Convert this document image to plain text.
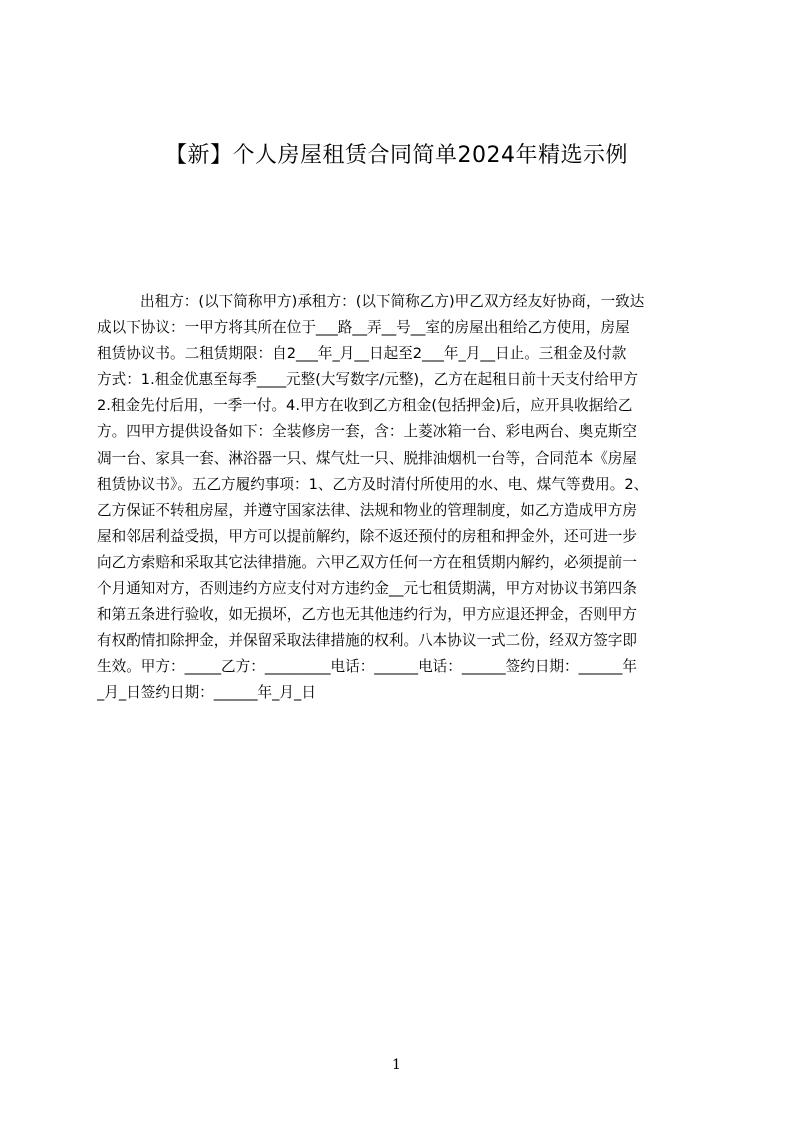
【新】个人房屋租赁合同简单2024年精选示例
出租方：(以下简称甲方)承租方：(以下简称乙方)甲乙双方经友好协商，一致达
成以下协议：一甲方将其所在位于___路__弄__号__室的房屋出租给乙方使用，房屋
租赁协议书。二租赁期限：自2___年_月__日起至2___年_月__日止。三租金及付款
方式：1.租金优惠至每季____元整(大写数字/元整)，乙方在起租日前十天支付给甲方
2.租金先付后用，一季一付。4.甲方在收到乙方租金(包括押金)后，应开具收据给乙
方。四甲方提供设备如下：全装修房一套，含：上菱冰箱一台、彩电两台、奥克斯空
凋一台、家具一套、淋浴器一只、煤气灶一只、脱排油烟机一台等，合同范本《房屋
租赁协议书》。五乙方履约事项：1、乙方及时清付所使用的水、电、煤气等费用。2、
乙方保证不转租房屋，并遵守国家法律、法规和物业的管理制度，如乙方造成甲方房
屋和邻居利益受损，甲方可以提前解约，除不返还预付的房租和押金外，还可进一步
向乙方索赔和采取其它法律措施。六甲乙双方任何一方在租赁期内解约，必须提前一
个月通知对方，否则违约方应支付对方违约金__元七租赁期满，甲方对协议书第四条
和第五条进行验收，如无损坏，乙方也无其他违约行为，甲方应退还押金，否则甲方
有权酌情扣除押金，并保留采取法律措施的权利。八本协议一式二份，经双方签字即
生效。甲方：_____乙方：_________电话：______电话：______签约日期：______年
_月_日签约日期：______年_月_日
1
